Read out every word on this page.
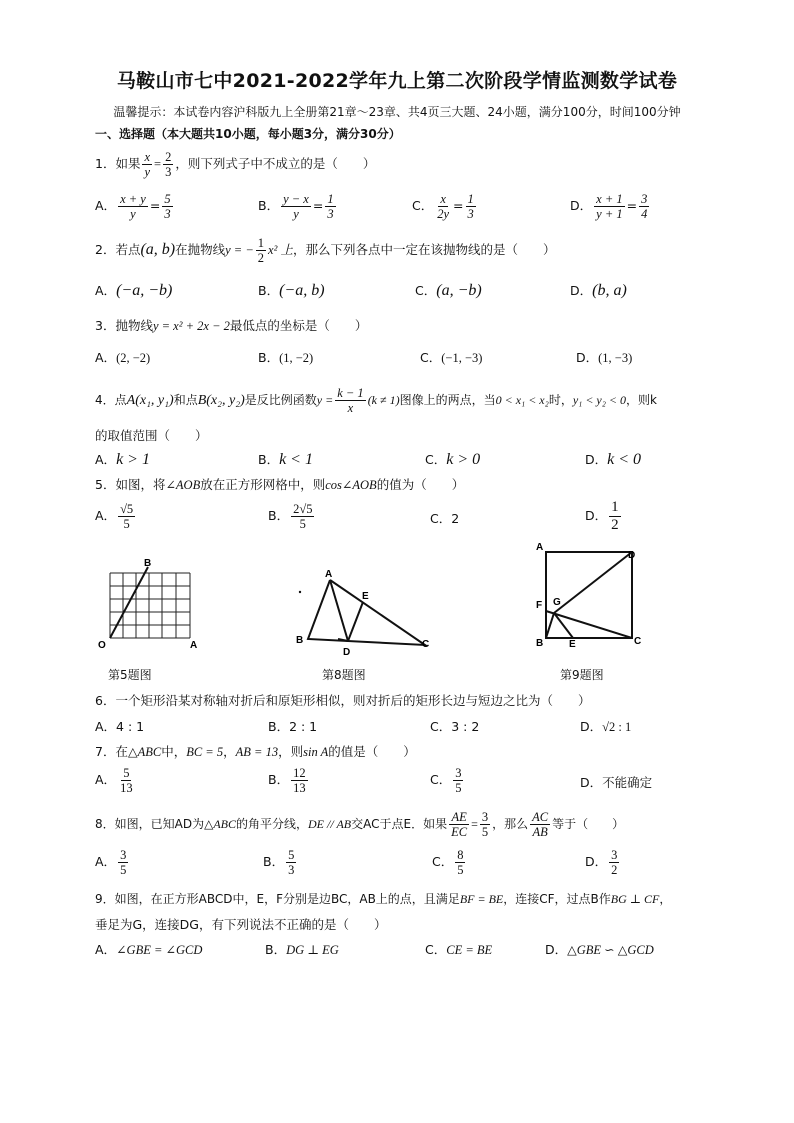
马鞍山市七中2021-2022学年九上第二次阶段学情监测数学试卷
温馨提示：本试卷内容沪科版九上全册第21章～23章、共4页三大题、24小题，满分100分，时间100分钟
一、选择题（本大题共10小题，每小题3分，满分30分）
1．如果 $\frac{x}{y} = \frac{2}{3}$ ，则下列式子中不成立的是（　　）
A． $\frac{x + y}{y} = \frac{5}{3}$	B． $\frac{y - x}{y} = \frac{1}{3}$	C． $\frac{x}{2y} = \frac{1}{3}$	D． $\frac{x + 1}{y + 1} = \frac{3}{4}$
2．若点(a, b)在抛物线y = − $\frac{1}{2} x^2$ 上，那么下列各点中一定在该抛物线的是（　　）
A．(−a, −b)	B．(−a, b)	C．(a, −b)	D．(b, a)
3．抛物线y = x² + 2x − 2最低点的坐标是（　　）
A．(2, −2)	B．(1, −2)	C．(−1, −3)	D．(1, −3)
4．点A(x₁, y₁)和点B(x₂, y₂)是反比例函数$y = \frac{k - 1}{x} (k \ne 1)$图像上的两点，当0 < x₁ < x₂时，y₁ < y₂ < 0，则k
的取值范围（　　）
A．k > 1	B．k < 1	C．k > 0	D．k < 0
5．如图，将∠AOB放在正方形网格中，则cos∠AOB的值为（　　）
A． $\frac{√5}{5}$	B． $\frac{2√5}{5}$	C．2	D． $\frac{1}{2}$
B
O	A
A
E
B
D
C
A
D
F G
B	E	C
第5题图	第8题图	第9题图
6．一个矩形沿某对称轴对折后和原矩形相似，则对折后的矩形长边与短边之比为（　　）
A．4 : 1	B．2 : 1	C．3 : 2	D．√2 : 1
7．在△ABC中，BC = 5，AB = 13，则sin A的值是（　　）
A． $\frac{5}{13}$	B． $\frac{12}{13}$	C． $\frac{3}{5}$	D．不能确定
8．如图，已知AD为△ABC的角平分线，DE // AB交AC于点E．如果 $\frac{AE}{EC} = \frac{3}{5}$ ，那么 $\frac{AC}{AB}$ 等于（　　）
A． $\frac{3}{5}$	B． $\frac{5}{3}$	C． $\frac{8}{5}$	D． $\frac{3}{2}$
9．如图，在正方形ABCD中，E，F分别是边BC，AB上的点，且满足BF = BE，连接CF，过点B作BG ⊥ CF，
垂足为G，连接DG，有下列说法不正确的是（　　）
A．∠GBE = ∠GCD	B．DG ⊥ EG	C．CE = BE	D．△GBE ∽ △GCD
